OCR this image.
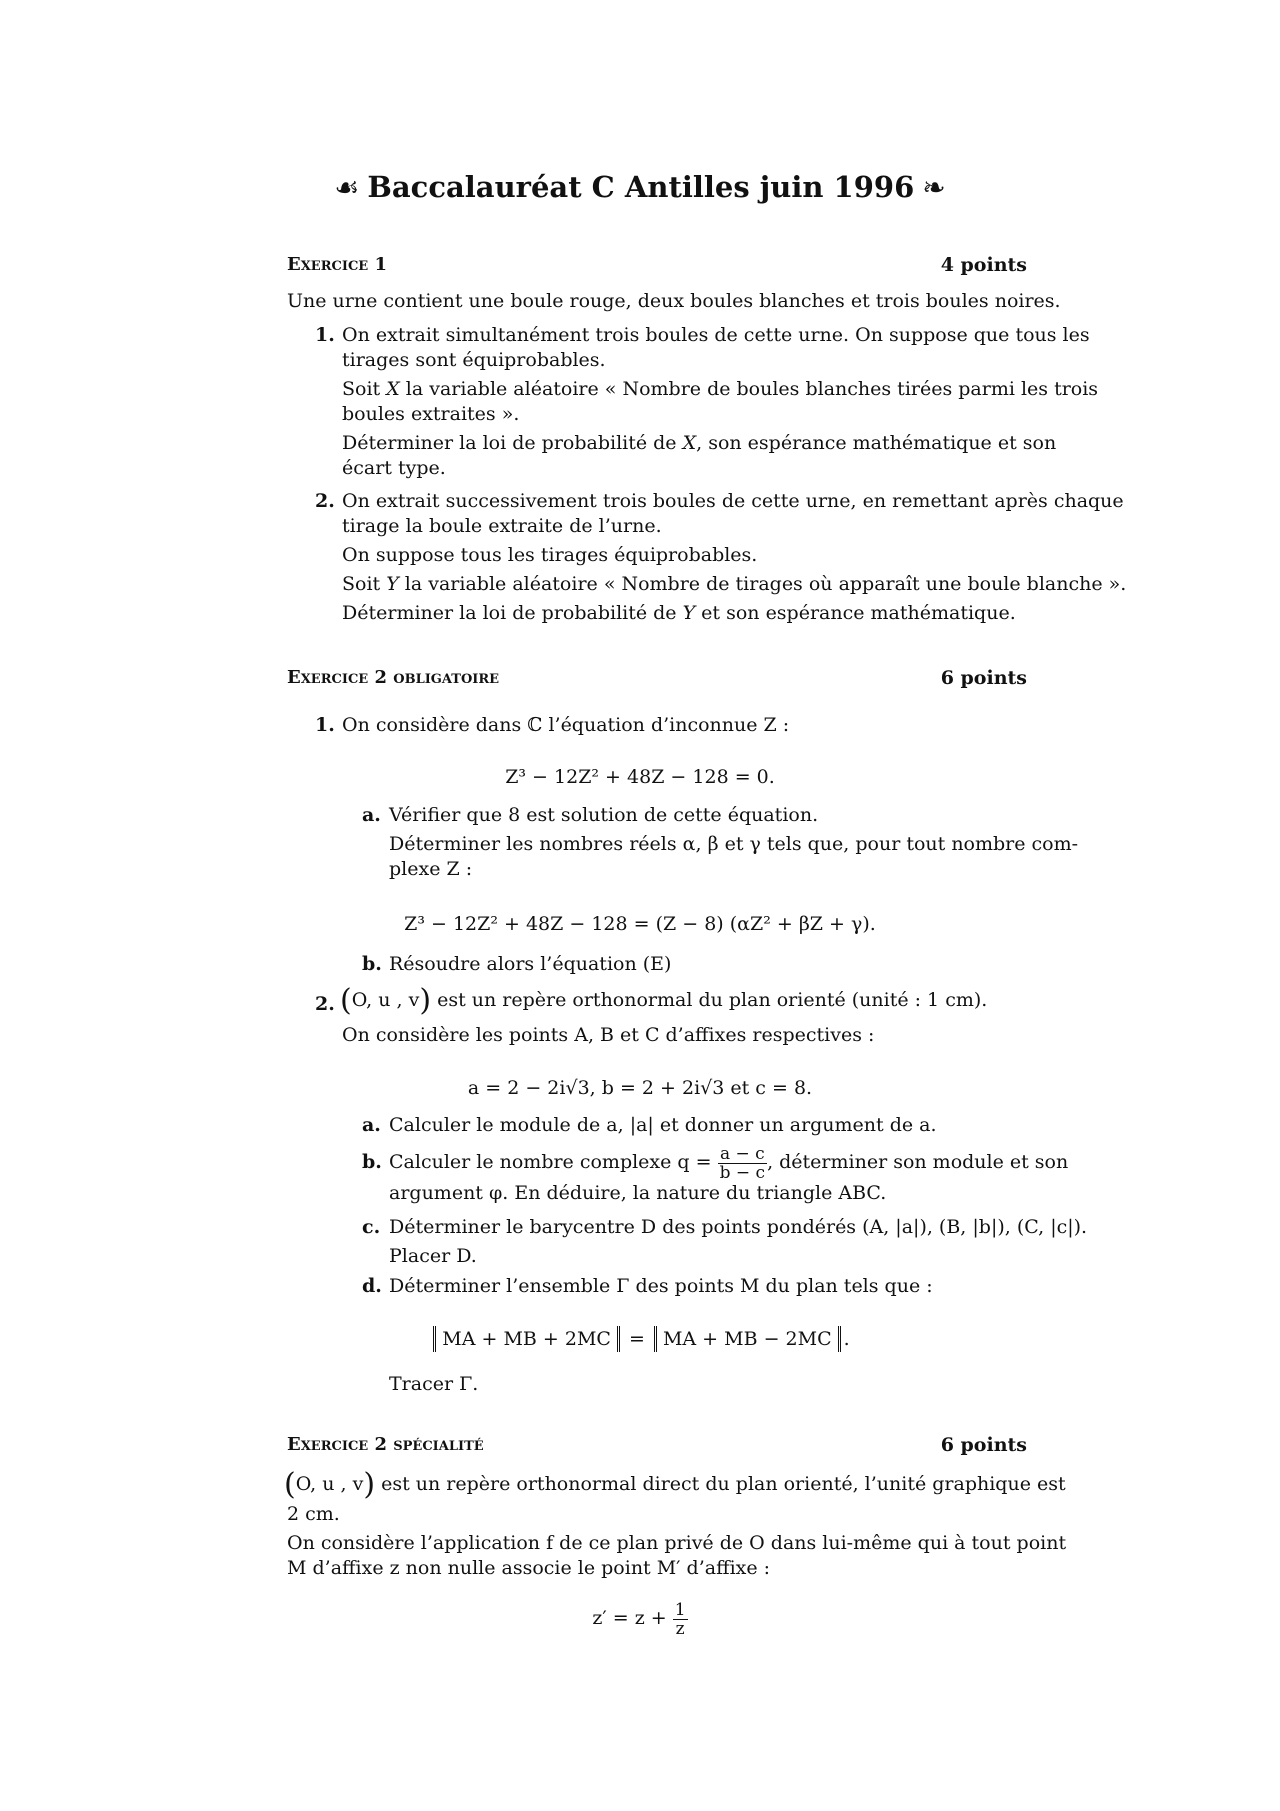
☙ Baccalauréat C Antilles juin 1996 ❧
Exercice 1	4 points
Une urne contient une boule rouge, deux boules blanches et trois boules noires.
1. On extrait simultanément trois boules de cette urne. On suppose que tous les
tirages sont équiprobables.
Soit X la variable aléatoire « Nombre de boules blanches tirées parmi les trois
boules extraites ».
Déterminer la loi de probabilité de X, son espérance mathématique et son
écart type.
2. On extrait successivement trois boules de cette urne, en remettant après chaque
tirage la boule extraite de l’urne.
On suppose tous les tirages équiprobables.
Soit Y la variable aléatoire « Nombre de tirages où apparaît une boule blanche ».
Déterminer la loi de probabilité de Y et son espérance mathématique.
Exercice 2 obligatoire	6 points
1. On considère dans ℂ l’équation d’inconnue Z :
Z³ − 12Z² + 48Z − 128 = 0.
a. Vérifier que 8 est solution de cette équation.
Déterminer les nombres réels α, β et γ tels que, pour tout nombre com-
plexe Z :
Z³ − 12Z² + 48Z − 128 = (Z − 8) (αZ² + βZ + γ).
b. Résoudre alors l’équation (E)
2. (O, u , v) est un repère orthonormal du plan orienté (unité : 1 cm).
On considère les points A, B et C d’affixes respectives :
a = 2 − 2i√3, b = 2 + 2i√3 et c = 8.
a. Calculer le module de a, |a| et donner un argument de a.
b. Calculer le nombre complexe $q = \frac{a - c}{b - c}$ , déterminer son module et son
argument φ. En déduire, la nature du triangle ABC.
c. Déterminer le barycentre D des points pondérés (A, |a|), (B, |b|), (C, |c|).
Placer D.
d. Déterminer l’ensemble Γ des points M du plan tels que :
MA + MB + 2MC = MA + MB − 2MC .
Tracer Γ.
Exercice 2 spécialité	6 points
(O, u , v) est un repère orthonormal direct du plan orienté, l’unité graphique est
2 cm.
On considère l’application f de ce plan privé de O dans lui-même qui à tout point
M d’affixe z non nulle associe le point M′ d’affixe :
$z' = z + \frac{1}{z}$
